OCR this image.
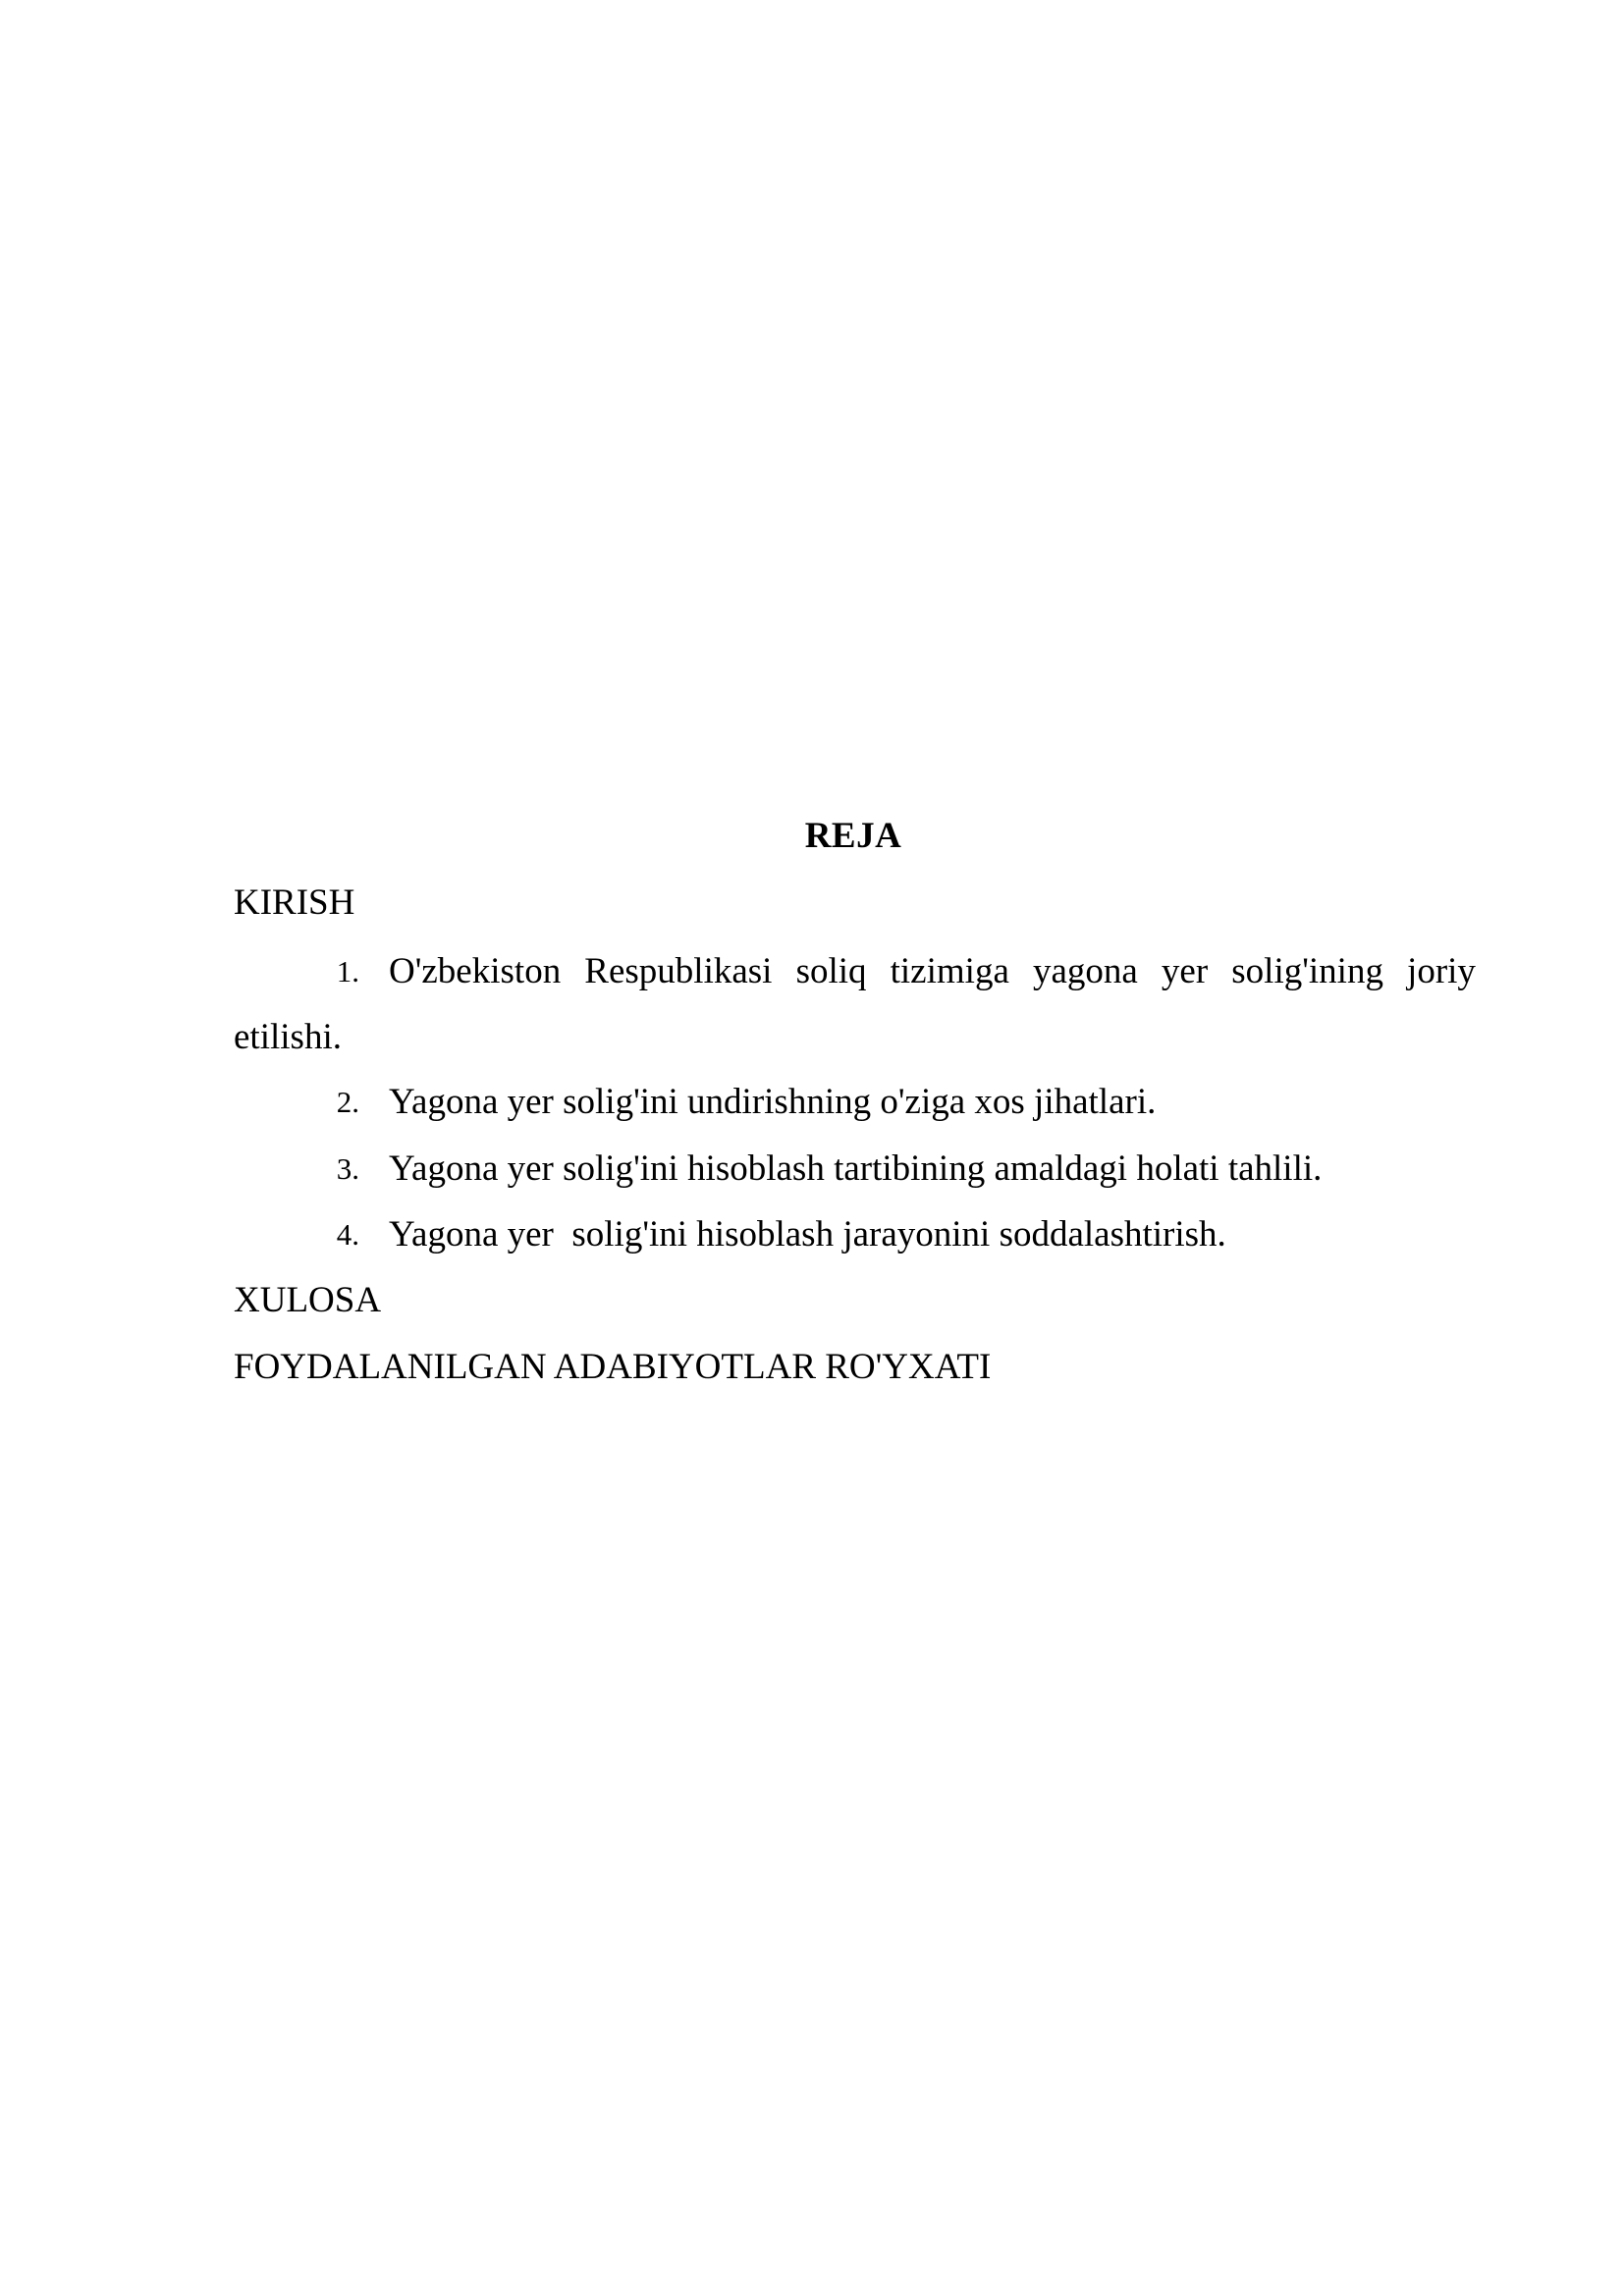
REJA
KIRISH
1. O'zbekiston Respublikasi soliq tizimiga yagona yer solig'ining joriy
etilishi.
2. Yagona yer solig'ini undirishning o'ziga xos jihatlari.
3. Yagona yer solig'ini hisoblash tartibining amaldagi holati tahlili.
4. Yagona yer  solig'ini hisoblash jarayonini soddalashtirish.
XULOSA
FOYDALANILGAN ADABIYOTLAR RO'YXATI
